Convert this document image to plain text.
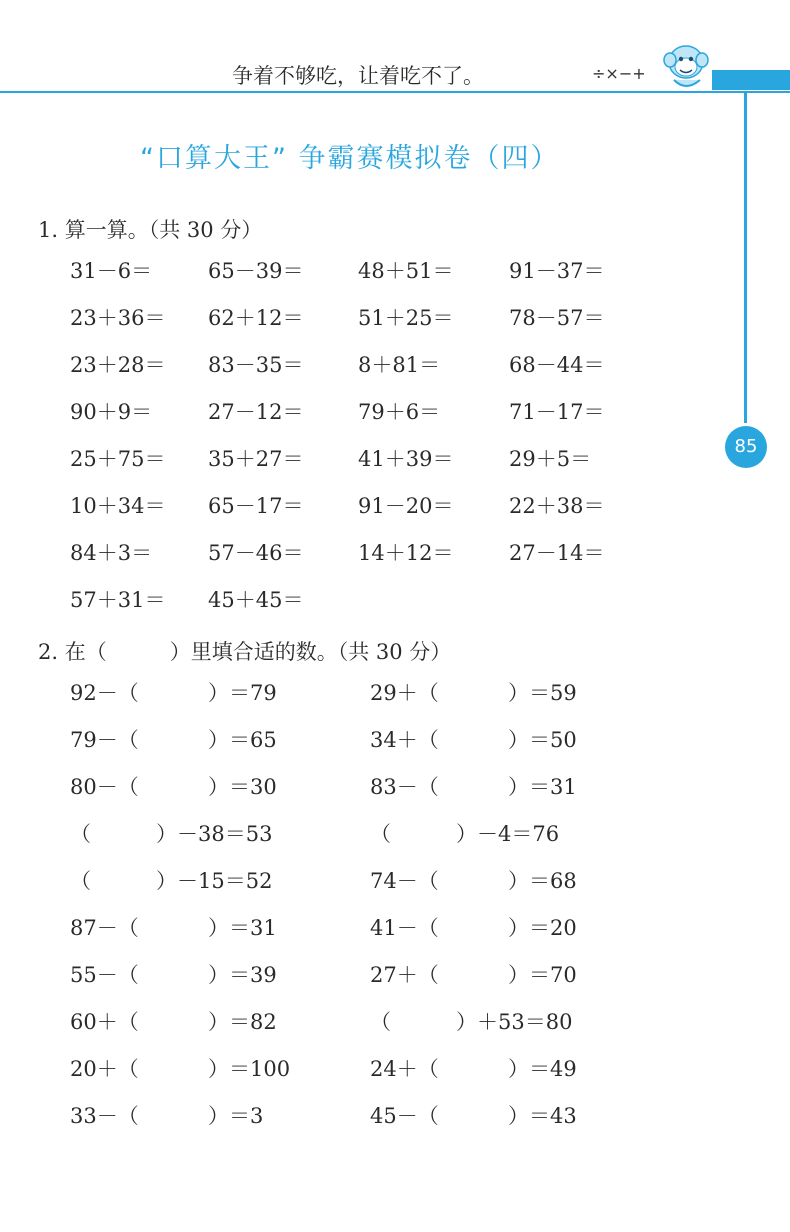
争着不够吃，让着吃不了。	÷×−+
85
“口算大王” 争霸赛模拟卷（四）
1. 算一算。（共 30 分）
31－6＝	65－39＝	48＋51＝	91－37＝
23＋36＝	62＋12＝	51＋25＝	78－57＝
23＋28＝	83－35＝	8＋81＝	68－44＝
90＋9＝	27－12＝	79＋6＝	71－17＝
25＋75＝	35＋27＝	41＋39＝	29＋5＝
10＋34＝	65－17＝	91－20＝	22＋38＝
84＋3＝	57－46＝	14＋12＝	27－14＝
57＋31＝	45＋45＝
2. 在（　　　）里填合适的数。（共 30 分）
92－（	）＝79	29＋（	）＝59
79－（	）＝65	34＋（	）＝50
80－（	）＝30	83－（	）＝31
（	）－38＝53	（	）－4＝76
（	）－15＝52	74－（	）＝68
87－（	）＝31	41－（	）＝20
55－（	）＝39	27＋（	）＝70
60＋（	）＝82	（	）＋53＝80
20＋（	）＝100	24＋（	）＝49
33－（	）＝3	45－（	）＝43
